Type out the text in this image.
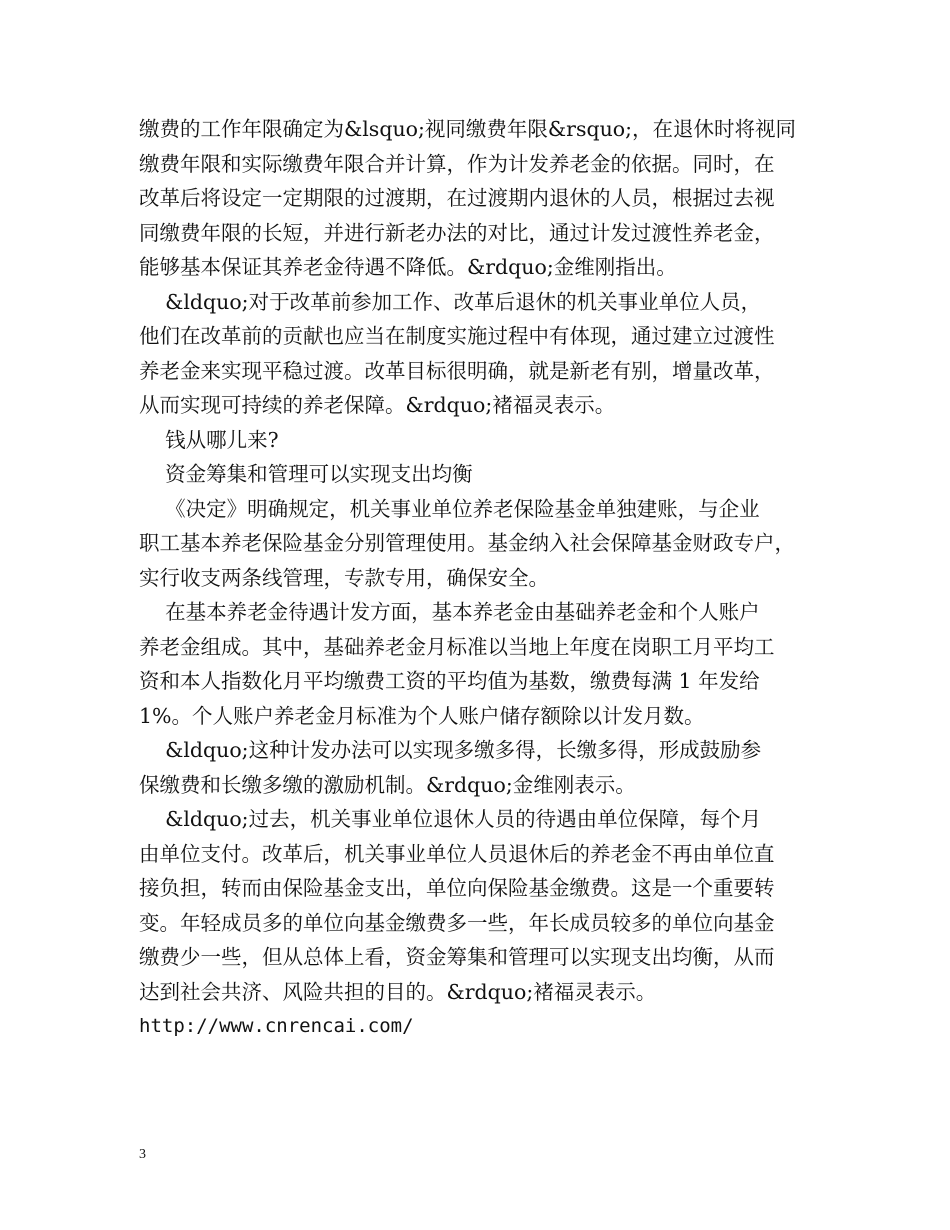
缴费的工作年限确定为&lsquo;视同缴费年限&rsquo;，在退休时将视同
缴费年限和实际缴费年限合并计算，作为计发养老金的依据。同时，在
改革后将设定一定期限的过渡期，在过渡期内退休的人员，根据过去视
同缴费年限的长短，并进行新老办法的对比，通过计发过渡性养老金，
能够基本保证其养老金待遇不降低。&rdquo;金维刚指出。
&ldquo;对于改革前参加工作、改革后退休的机关事业单位人员，
他们在改革前的贡献也应当在制度实施过程中有体现，通过建立过渡性
养老金来实现平稳过渡。改革目标很明确，就是新老有别，增量改革，
从而实现可持续的养老保障。&rdquo;褚福灵表示。
钱从哪儿来?
资金筹集和管理可以实现支出均衡
《决定》明确规定，机关事业单位养老保险基金单独建账，与企业
职工基本养老保险基金分别管理使用。基金纳入社会保障基金财政专户，
实行收支两条线管理，专款专用，确保安全。
在基本养老金待遇计发方面，基本养老金由基础养老金和个人账户
养老金组成。其中，基础养老金月标准以当地上年度在岗职工月平均工
资和本人指数化月平均缴费工资的平均值为基数，缴费每满 1 年发给
1%。个人账户养老金月标准为个人账户储存额除以计发月数。
&ldquo;这种计发办法可以实现多缴多得，长缴多得，形成鼓励参
保缴费和长缴多缴的激励机制。&rdquo;金维刚表示。
&ldquo;过去，机关事业单位退休人员的待遇由单位保障，每个月
由单位支付。改革后，机关事业单位人员退休后的养老金不再由单位直
接负担，转而由保险基金支出，单位向保险基金缴费。这是一个重要转
变。年轻成员多的单位向基金缴费多一些，年长成员较多的单位向基金
缴费少一些，但从总体上看，资金筹集和管理可以实现支出均衡，从而
达到社会共济、风险共担的目的。&rdquo;褚福灵表示。
http://www.cnrencai.com/
3
